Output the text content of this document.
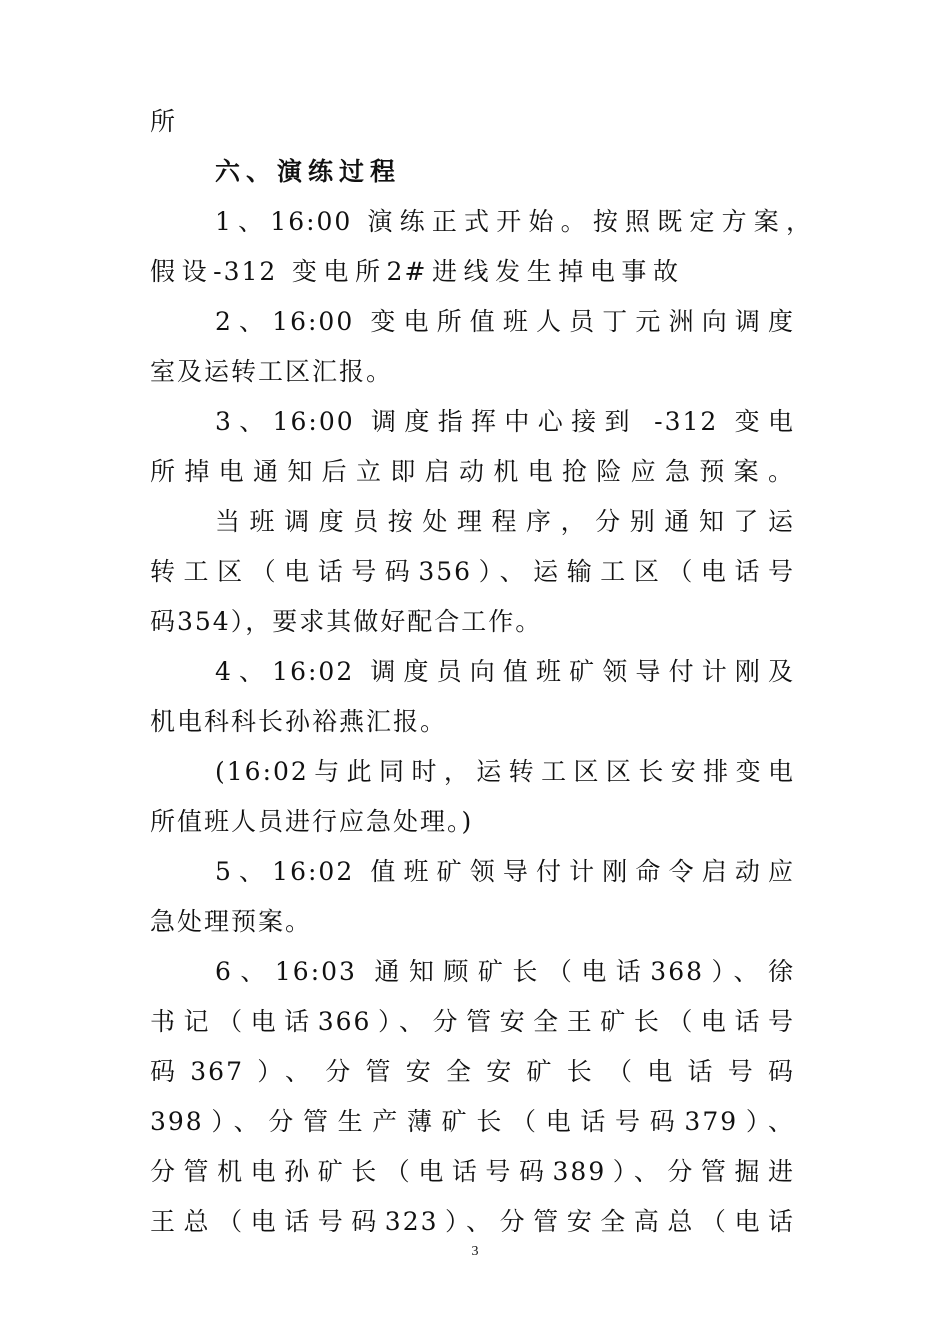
所
六、演练过程
1、16:00 演练正式开始。按照既定方案，
假设-312 变电所2#进线发生掉电事故
2、16:00 变电所值班人员丁元洲向调度
室及运转工区汇报。
3、16:00 调度指挥中心接到 -312 变电
所掉电通知后立即启动机电抢险应急预案。
当班调度员按处理程序，分别通知了运
转工区（电话号码356）、运输工区（电话号
码354），要求其做好配合工作。
4、16:02 调度员向值班矿领导付计刚及
机电科科长孙裕燕汇报。
(16:02与此同时，运转工区区长安排变电
所值班人员进行应急处理。)
5、16:02 值班矿领导付计刚命令启动应
急处理预案。
6、16:03 通知顾矿长（电话368）、徐
书记（电话366）、分管安全王矿长（电话号
码367）、分管安全安矿长（电话号码
398）、分管生产薄矿长（电话号码379）、
分管机电孙矿长（电话号码389）、分管掘进
王总（电话号码323）、分管安全高总（电话
3
